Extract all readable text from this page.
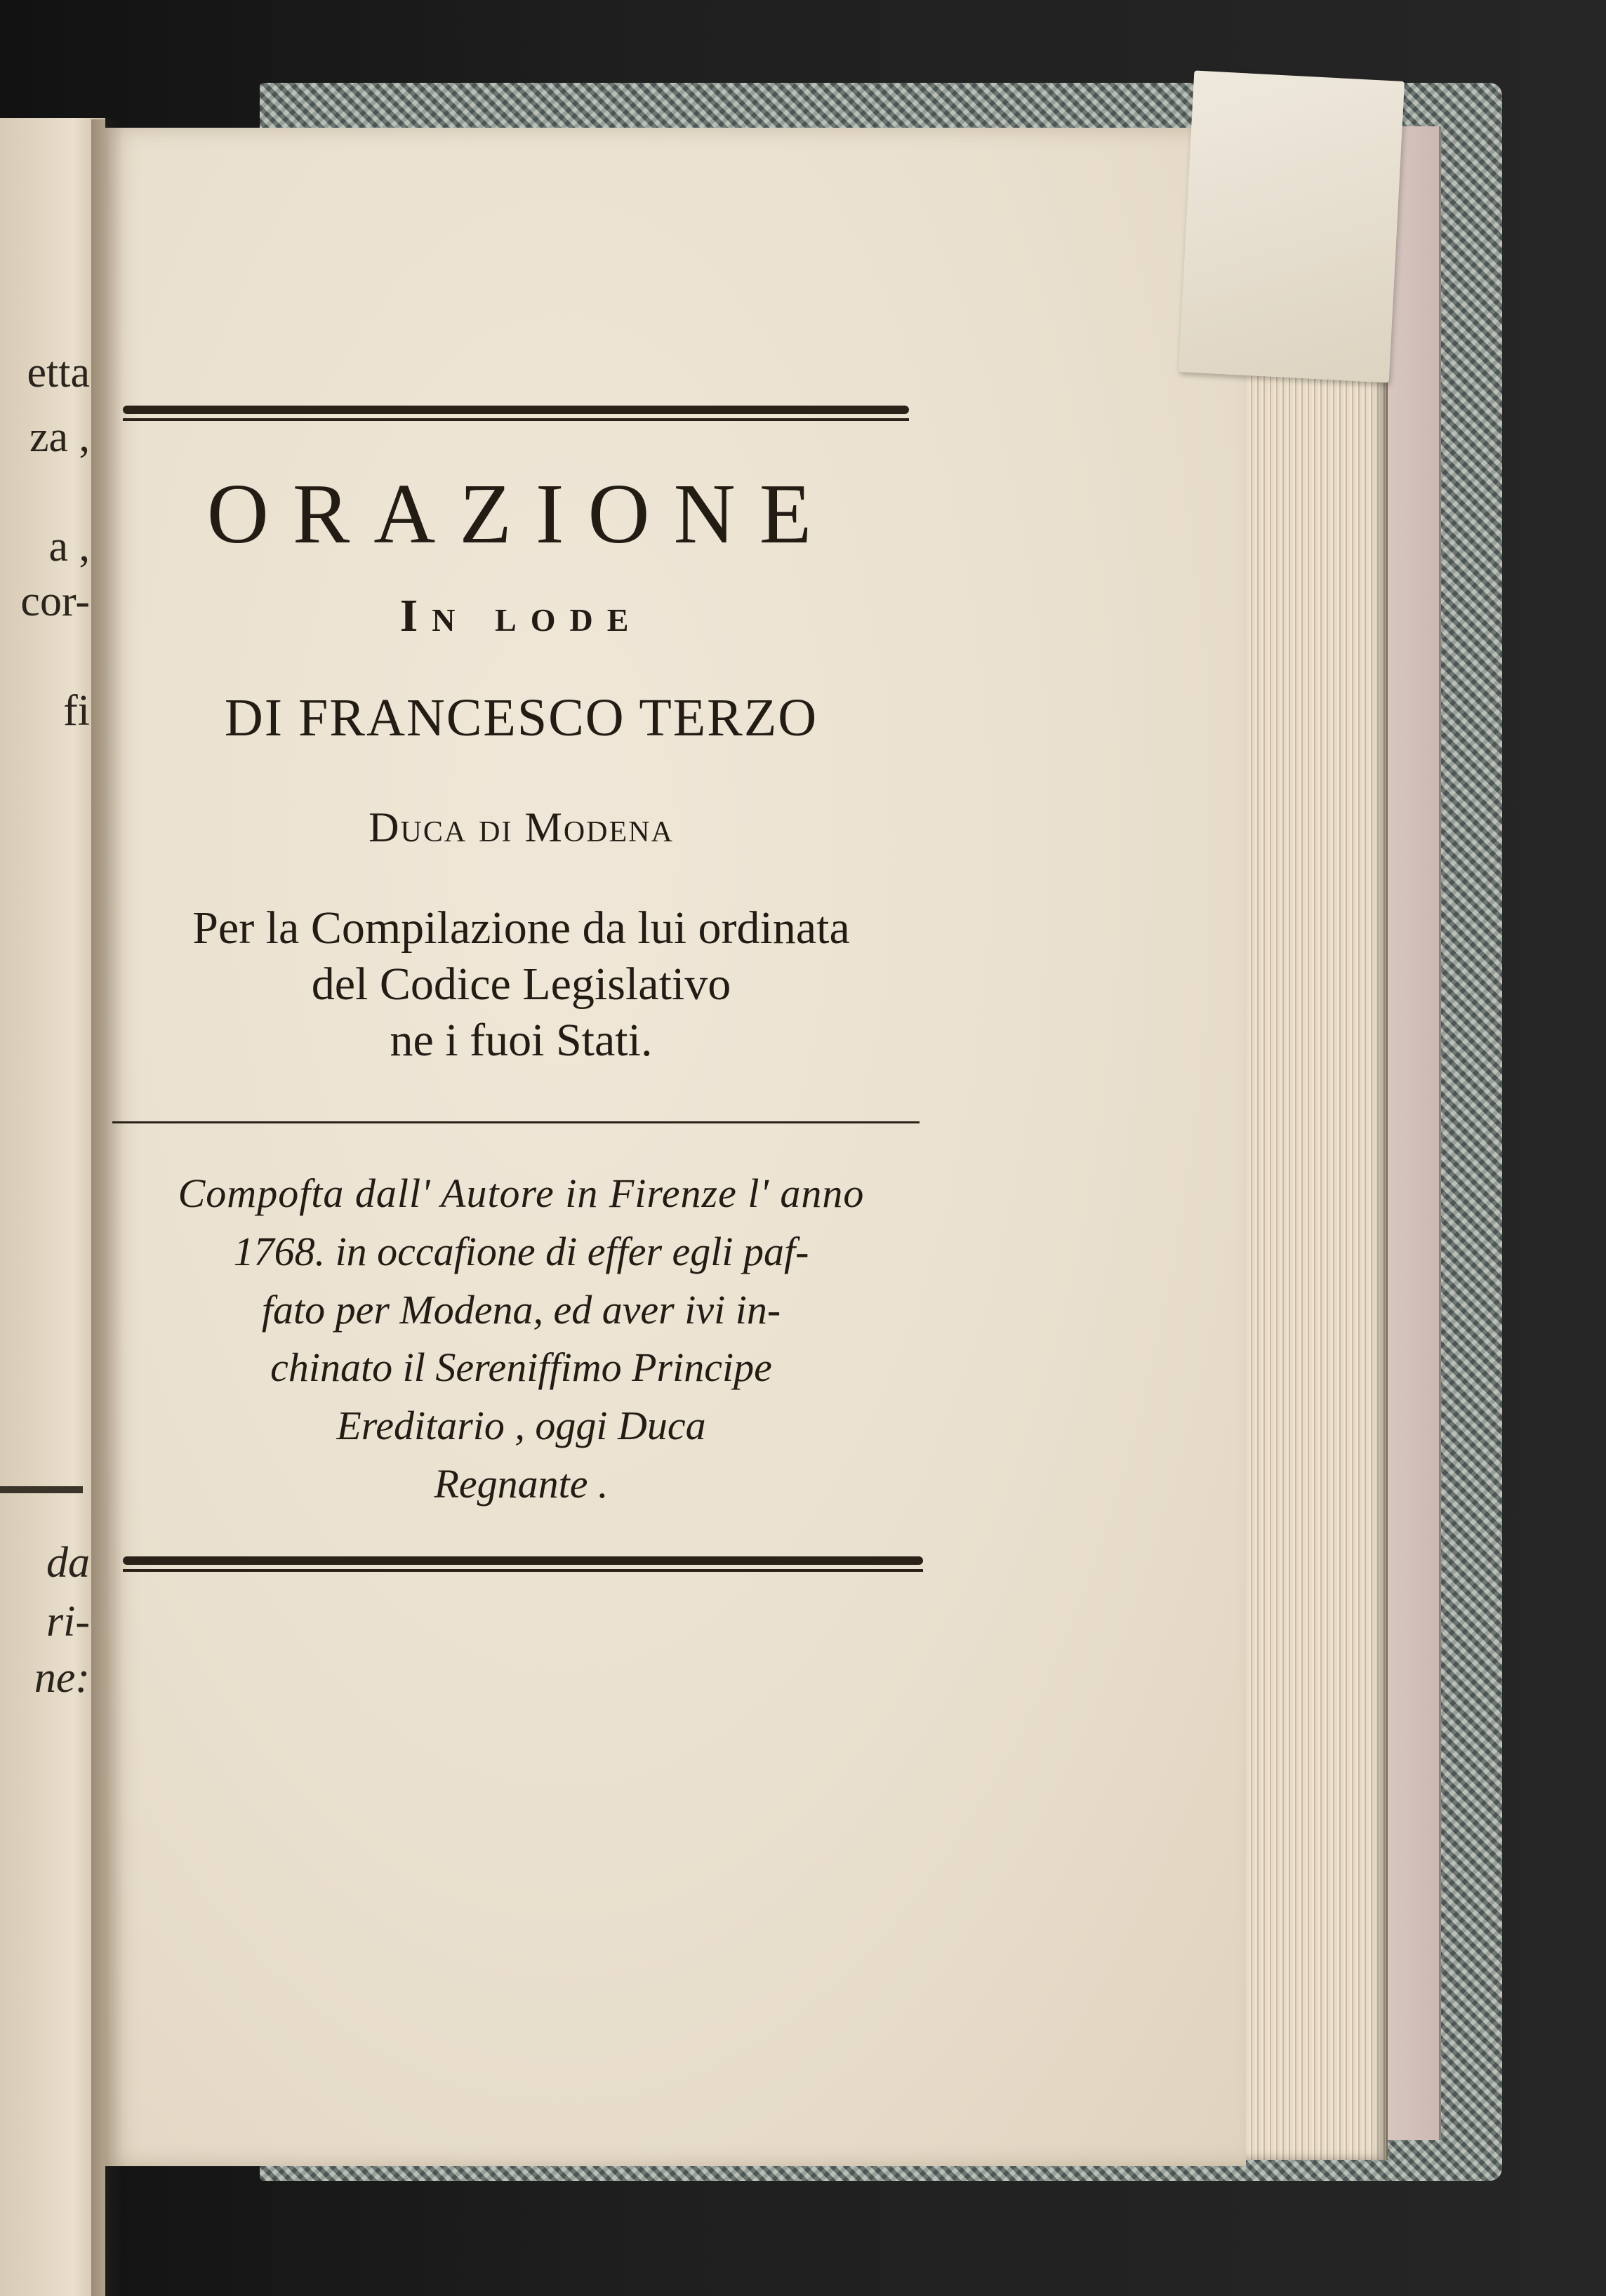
etta
za ,
a ,
cor-
fi
da
ri-
ne:
ORAZIONE
In lode
DI FRANCESCO TERZO
Duca di Modena
Per la Compilazione da lui ordinata
del Codice Legislativo
ne i fuoi Stati.
Compofta dall' Autore in Firenze l' anno
1768. in occafione di effer egli paf-
fato per Modena, ed aver ivi in-
chinato il Sereniffimo Principe
Ereditario , oggi Duca
Regnante .
